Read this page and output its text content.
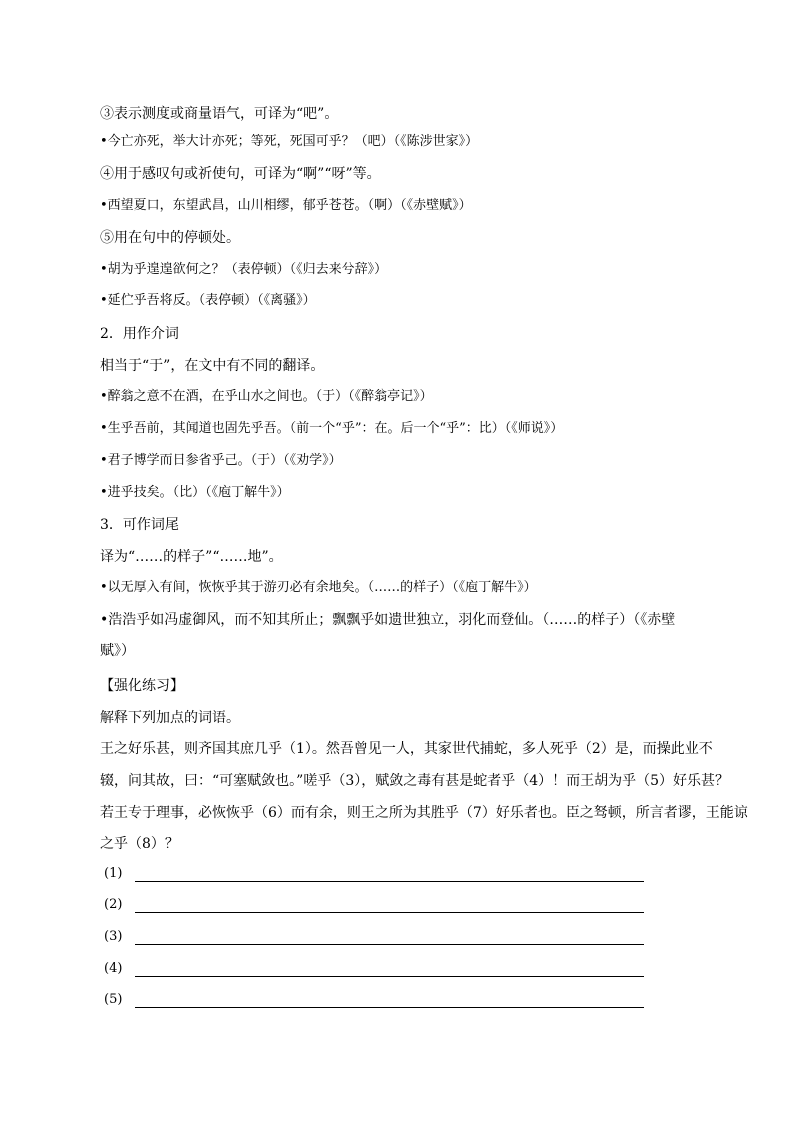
③表示测度或商量语气，可译为“吧”。
•今亡亦死，举大计亦死；等死，死国可乎？（吧）（《陈涉世家》）
④用于感叹句或祈使句，可译为“啊”“呀”等。
•西望夏口，东望武昌，山川相缪，郁乎苍苍。（啊）（《赤壁赋》）
⑤用在句中的停顿处。
•胡为乎遑遑欲何之？（表停顿）（《归去来兮辞》）
•延伫乎吾将反。（表停顿）（《离骚》）
2．用作介词
相当于“于”，在文中有不同的翻译。
•醉翁之意不在酒，在乎山水之间也。（于）（《醉翁亭记》）
•生乎吾前，其闻道也固先乎吾。（前一个“乎”：在。后一个“乎”：比）（《师说》）
•君子博学而日参省乎己。（于）（《劝学》）
•进乎技矣。（比）（《庖丁解牛》）
3．可作词尾
译为“……的样子”“……地”。
•以无厚入有间，恢恢乎其于游刃必有余地矣。（……的样子）（《庖丁解牛》）
•浩浩乎如冯虚御风，而不知其所止；飘飘乎如遗世独立，羽化而登仙。（……的样子）（《赤壁
赋》）
【强化练习】
解释下列加点的词语。
王之好乐甚，则齐国其庶几乎（1）。然吾曾见一人，其家世代捕蛇，多人死乎（2）是，而操此业不
辍，问其故，曰：“可塞赋敛也。”嗟乎（3），赋敛之毒有甚是蛇者乎（4）！而王胡为乎（5）好乐甚？
若王专于理事，必恢恢乎（6）而有余，则王之所为其胜乎（7）好乐者也。臣之驽顿，所言者谬，王能谅
之乎（8）？
(1)
(2)
(3)
(4)
(5)
